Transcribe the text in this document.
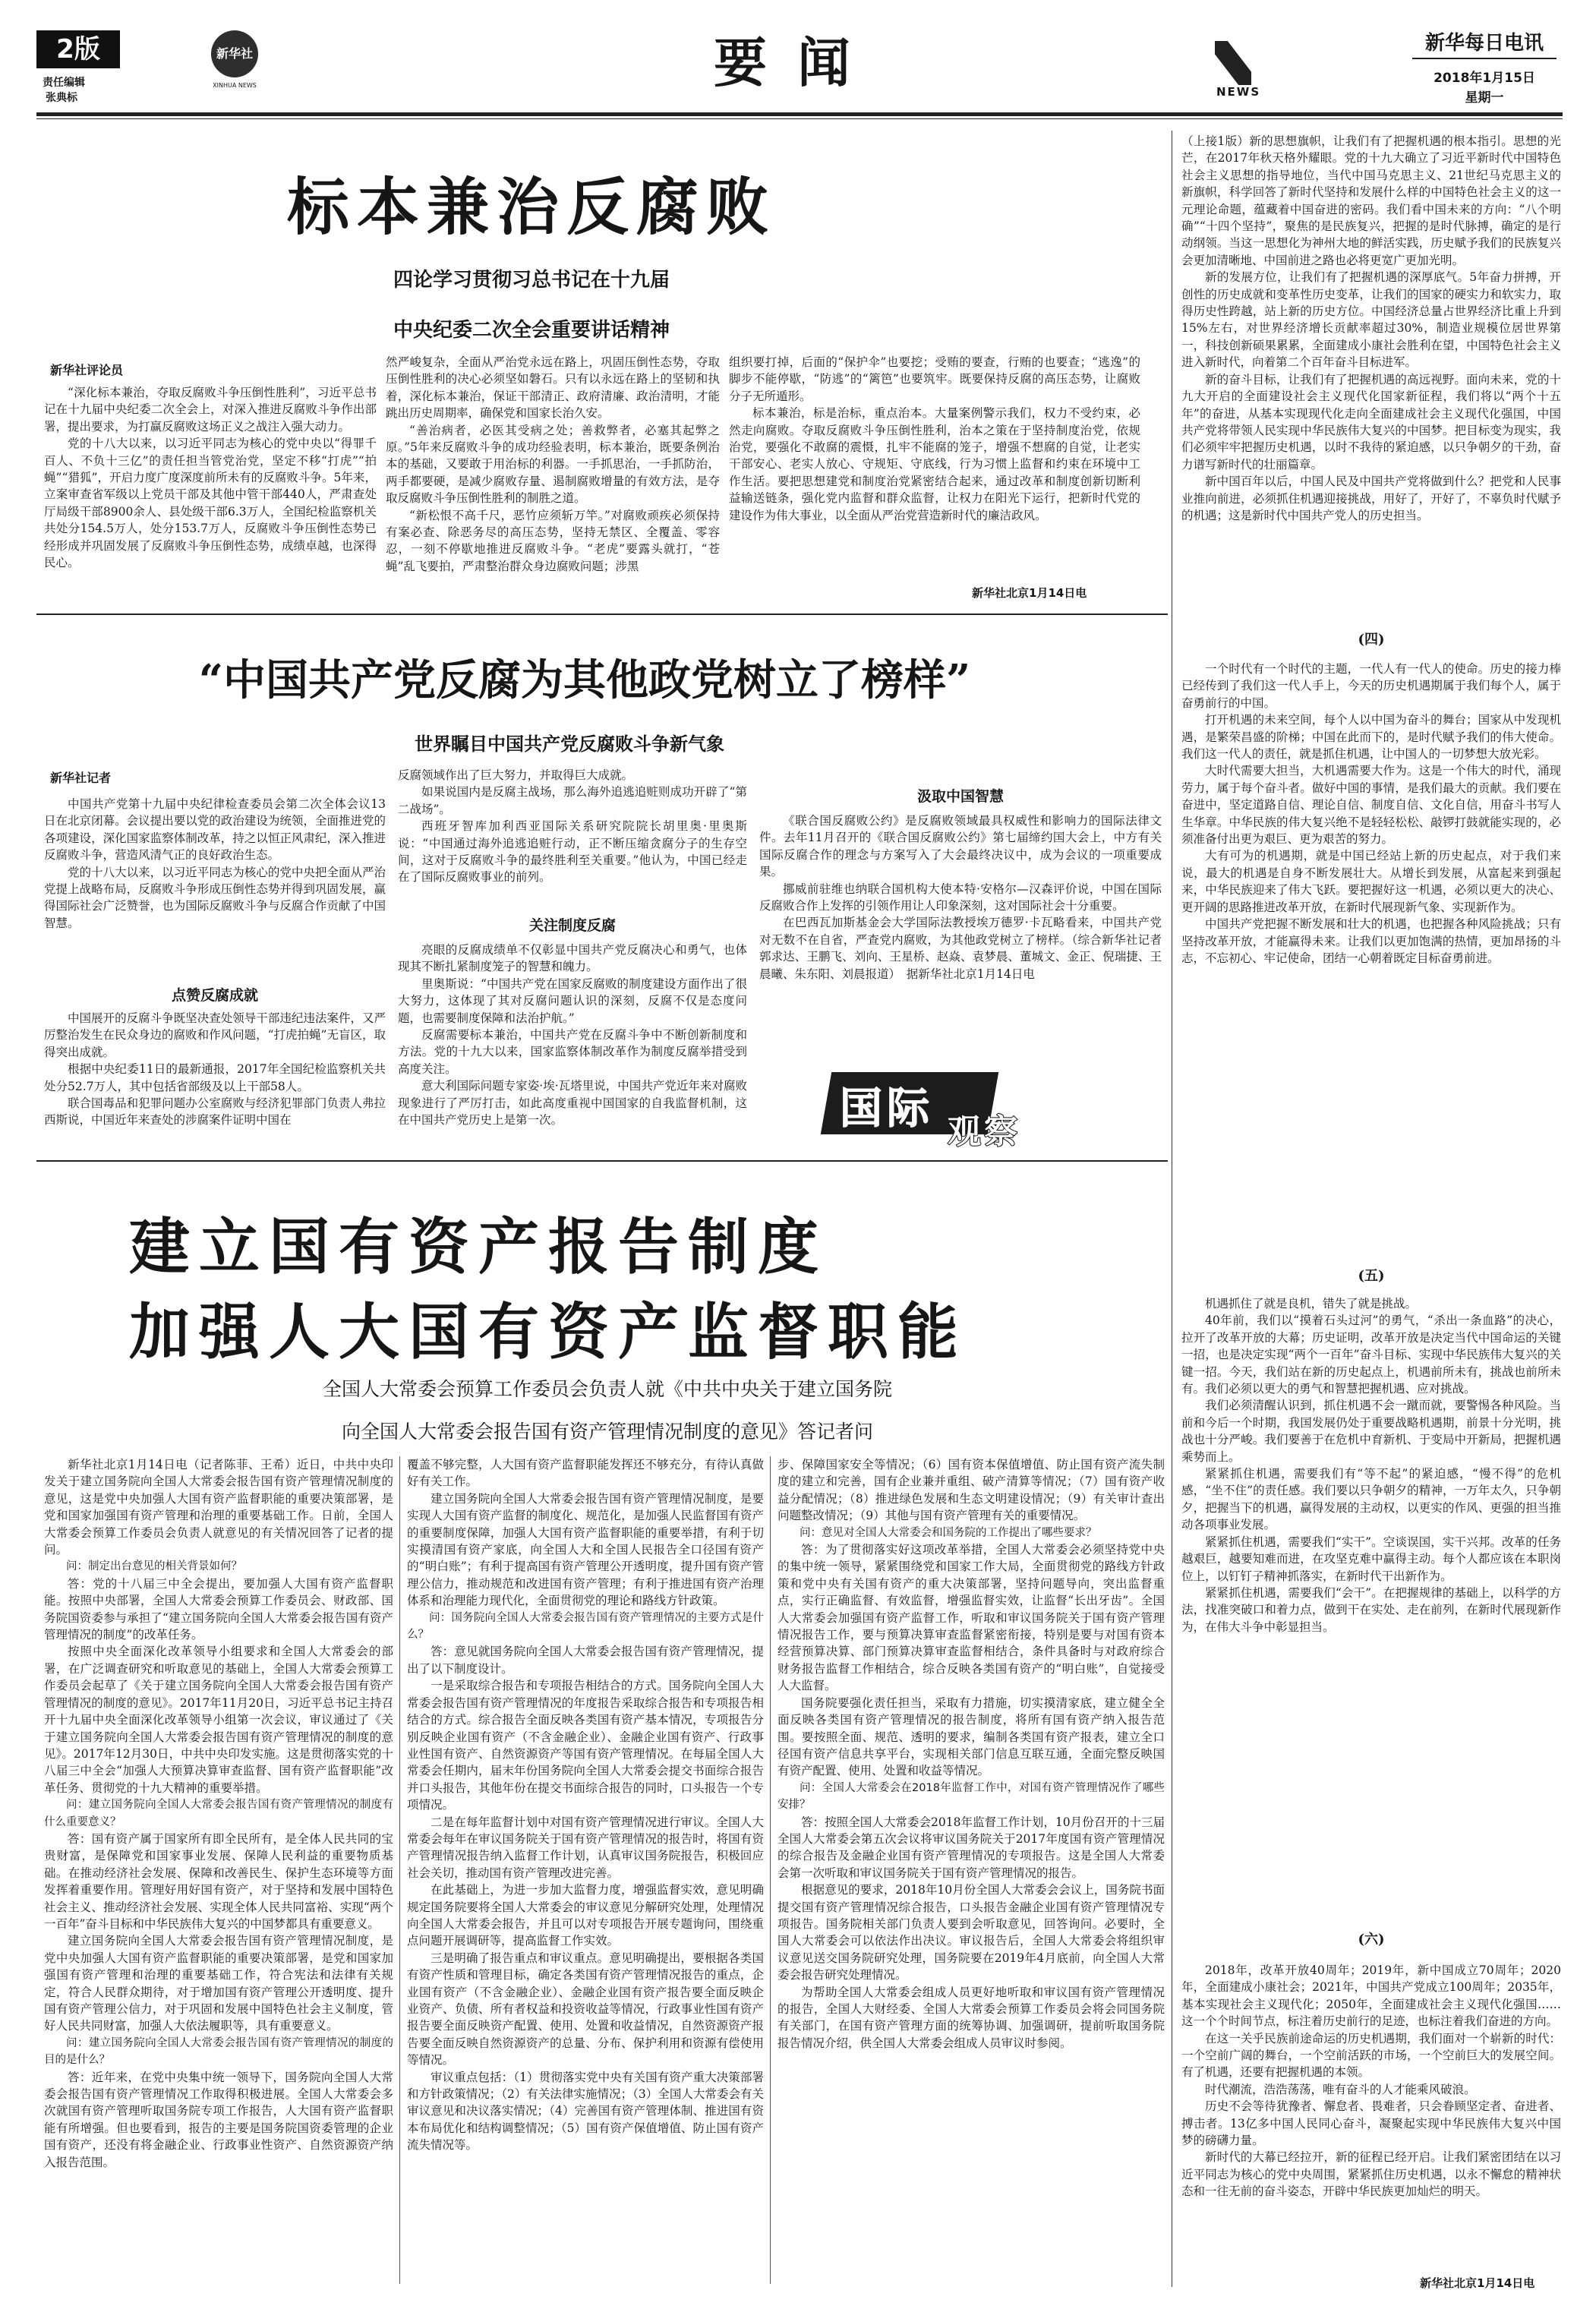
2版
责任编辑
张典标
新华社
XINHUA NEWS	要闻	NEWS
新华每日电讯
2018年1月15日
星期一
标本兼治反腐败
四论学习贯彻习总书记在十九届
中央纪委二次全会重要讲话精神
新华社评论员

“深化标本兼治，夺取反腐败斗争压倒性胜利”，习近平总书记在十九届中央纪委二次全会上，对深入推进反腐败斗争作出部署，提出要求，为打赢反腐败这场正义之战注入强大动力。

党的十八大以来，以习近平同志为核心的党中央以“得罪千百人、不负十三亿”的责任担当管党治党，坚定不移“打虎”“拍蝇”“猎狐”，开启力度广度深度前所未有的反腐败斗争。5年来，立案审查省军级以上党员干部及其他中管干部440人，严肃查处厅局级干部8900余人、县处级干部6.3万人，全国纪检监察机关共处分154.5万人，处分153.7万人，反腐败斗争压倒性态势已经形成并巩固发展了反腐败斗争压倒性态势，成绩卓越，也深得民心。

然严峻复杂，全面从严治党永远在路上，巩固压倒性态势，夺取压倒性胜利的决心必须坚如磐石。只有以永远在路上的坚韧和执着，深化标本兼治，保证干部清正、政府清廉、政治清明，才能跳出历史周期率，确保党和国家长治久安。

“善治病者，必医其受病之处；善救弊者，必塞其起弊之原。”5年来反腐败斗争的成功经验表明，标本兼治，既要条例治本的基础，又要敢于用治标的利器。一手抓思治，一手抓防治，两手都要硬，是减少腐败存量、遏制腐败增量的有效方法，是夺取反腐败斗争压倒性胜利的制胜之道。

“新松恨不高千尺，恶竹应须斩万竿。”对腐败顽疾必须保持有案必查、除恶务尽的高压态势，坚持无禁区、全覆盖、零容忍，一刻不停歇地推进反腐败斗争。“老虎”要露头就打，“苍蝇”乱飞要拍，严肃整治群众身边腐败问题；涉黑

组织要打掉，后面的“保护伞”也要挖；受贿的要查，行贿的也要查；“逃逸”的脚步不能停歇，“防逃”的“篱笆”也要筑牢。既要保持反腐的高压态势，让腐败分子无所遁形。

标本兼治，标是治标，重点治本。大量案例警示我们，权力不受约束，必然走向腐败。夺取反腐败斗争压倒性胜利，治本之策在于坚持制度治党，依规治党，要强化不敢腐的震慑，扎牢不能腐的笼子，增强不想腐的自觉，让老实干部安心、老实人放心、守规矩、守底线，行为习惯上监督和约束在环境中工作生活。要把思想建党和制度治党紧密结合起来，通过改革和制度创新切断利益输送链条，强化党内监督和群众监督，让权力在阳光下运行，把新时代党的建设作为伟大事业，以全面从严治党营造新时代的廉洁政风。

新华社北京1月14日电

（上接1版）新的思想旗帜，让我们有了把握机遇的根本指引。思想的光芒，在2017年秋天格外耀眼。党的十九大确立了习近平新时代中国特色社会主义思想的指导地位，当代中国马克思主义、21世纪马克思主义的新旗帜，科学回答了新时代坚持和发展什么样的中国特色社会主义的这一元理论命题，蕴藏着中国奋进的密码。我们看中国未来的方向：“八个明确”“十四个坚持”，聚焦的是民族复兴，把握的是时代脉搏，确定的是行动纲领。当这一思想化为神州大地的鲜活实践，历史赋予我们的民族复兴会更加清晰地、中国前进之路也必将更宽广更加光明。

新的发展方位，让我们有了把握机遇的深厚底气。5年奋力拼搏，开创性的历史成就和变革性历史变革，让我们的国家的硬实力和软实力，取得历史性跨越，站上新的历史方位。中国经济总量占世界经济比重上升到15%左右，对世界经济增长贡献率超过30%，制造业规模位居世界第一，科技创新硕果累累，全面建成小康社会胜利在望，中国特色社会主义进入新时代，向着第二个百年奋斗目标进军。

新的奋斗目标，让我们有了把握机遇的高远视野。面向未来，党的十九大开启的全面建设社会主义现代化国家新征程，我们将以“两个十五年”的奋进，从基本实现现代化走向全面建成社会主义现代化强国，中国共产党将带领人民实现中华民族伟大复兴的中国梦。把目标变为现实，我们必须牢牢把握历史机遇，以时不我待的紧迫感，以只争朝夕的干劲，奋力谱写新时代的壮丽篇章。

新中国百年以后，中国人民及中国共产党将做到什么？把党和人民事业推向前进，必须抓住机遇迎接挑战，用好了，开好了，不辜负时代赋予的机遇；这是新时代中国共产党人的历史担当。

(四)

一个时代有一个时代的主题，一代人有一代人的使命。历史的接力棒已经传到了我们这一代人手上，今天的历史机遇期属于我们每个人，属于奋勇前行的中国。

打开机遇的未来空间，每个人以中国为奋斗的舞台；国家从中发现机遇，是繁荣昌盛的阶梯；中国在此而下的，是时代赋予我们的伟大使命。我们这一代人的责任，就是抓住机遇，让中国人的一切梦想大放光彩。

大时代需要大担当，大机遇需要大作为。这是一个伟大的时代，涌现劳力，属于每个奋斗者。做好中国的事情，是我们最大的贡献。我们要在奋进中，坚定道路自信、理论自信、制度自信、文化自信，用奋斗书写人生华章。中华民族的伟大复兴绝不是轻轻松松、敲锣打鼓就能实现的，必须准备付出更为艰巨、更为艰苦的努力。

大有可为的机遇期，就是中国已经站上新的历史起点，对于我们来说，最大的机遇是自身不断发展壮大。从增长到发展，从富起来到强起来，中华民族迎来了伟大飞跃。要把握好这一机遇，必须以更大的决心、更开阔的思路推进改革开放，在新时代展现新气象、实现新作为。

中国共产党把握不断发展和壮大的机遇，也把握各种风险挑战；只有坚持改革开放，才能赢得未来。让我们以更加饱满的热情，更加昂扬的斗志，不忘初心、牢记使命，团结一心朝着既定目标奋勇前进。

(五)

机遇抓住了就是良机，错失了就是挑战。

40年前，我们以“摸着石头过河”的勇气，“杀出一条血路”的决心，拉开了改革开放的大幕；历史证明，改革开放是决定当代中国命运的关键一招，也是决定实现“两个一百年”奋斗目标、实现中华民族伟大复兴的关键一招。今天，我们站在新的历史起点上，机遇前所未有，挑战也前所未有。我们必须以更大的勇气和智慧把握机遇、应对挑战。

我们必须清醒认识到，抓住机遇不会一蹴而就，要警惕各种风险。当前和今后一个时期，我国发展仍处于重要战略机遇期，前景十分光明，挑战也十分严峻。我们要善于在危机中育新机、于变局中开新局，把握机遇乘势而上。

紧紧抓住机遇，需要我们有“等不起”的紧迫感，“慢不得”的危机感，“坐不住”的责任感。我们要以只争朝夕的精神，一万年太久，只争朝夕，把握当下的机遇，赢得发展的主动权，以更实的作风、更强的担当推动各项事业发展。

紧紧抓住机遇，需要我们“实干”。空谈误国，实干兴邦。改革的任务越艰巨，越要知难而进，在攻坚克难中赢得主动。每个人都应该在本职岗位上，以钉钉子精神抓落实，在新时代干出新作为。

紧紧抓住机遇，需要我们“会干”。在把握规律的基础上，以科学的方法，找准突破口和着力点，做到干在实处、走在前列，在新时代展现新作为，在伟大斗争中彰显担当。

(六)

2018年，改革开放40周年；2019年，新中国成立70周年；2020年，全面建成小康社会；2021年，中国共产党成立100周年；2035年，基本实现社会主义现代化；2050年，全面建成社会主义现代化强国……这一个个时间节点，标注着历史前行的足迹，也标注着我们奋进的方向。

在这一关乎民族前途命运的历史机遇期，我们面对一个崭新的时代：一个空前广阔的舞台，一个空前活跃的市场，一个空前巨大的发展空间。有了机遇，还要有把握机遇的本领。

时代潮流，浩浩荡荡，唯有奋斗的人才能乘风破浪。

历史不会等待犹豫者、懈怠者、畏难者，只会眷顾坚定者、奋进者、搏击者。13亿多中国人民同心奋斗，凝聚起实现中华民族伟大复兴中国梦的磅礴力量。

新时代的大幕已经拉开，新的征程已经开启。让我们紧密团结在以习近平同志为核心的党中央周围，紧紧抓住历史机遇，以永不懈怠的精神状态和一往无前的奋斗姿态，开辟中华民族更加灿烂的明天。

新华社北京1月14日电
“中国共产党反腐为其他政党树立了榜样”
世界瞩目中国共产党反腐败斗争新气象
新华社记者

中国共产党第十九届中央纪律检查委员会第二次全体会议13日在北京闭幕。会议提出要以党的政治建设为统领，全面推进党的各项建设，深化国家监察体制改革，持之以恒正风肃纪，深入推进反腐败斗争，营造风清气正的良好政治生态。

党的十八大以来，以习近平同志为核心的党中央把全面从严治党提上战略布局，反腐败斗争形成压倒性态势并得到巩固发展，赢得国际社会广泛赞誉，也为国际反腐败斗争与反腐合作贡献了中国智慧。

点赞反腐成就

中国展开的反腐斗争既坚决查处领导干部违纪违法案件，又严厉整治发生在民众身边的腐败和作风问题，“打虎拍蝇”无盲区，取得突出成就。

根据中央纪委11日的最新通报，2017年全国纪检监察机关共处分52.7万人，其中包括省部级及以上干部58人。

联合国毒品和犯罪问题办公室腐败与经济犯罪部门负责人弗拉西斯说，中国近年来查处的涉腐案件证明中国在

反腐领域作出了巨大努力，并取得巨大成就。

如果说国内是反腐主战场，那么海外追逃追赃则成功开辟了“第二战场”。

西班牙智库加利西亚国际关系研究院院长胡里奥·里奥斯说：“中国通过海外追逃追赃行动，正不断压缩贪腐分子的生存空间，这对于反腐败斗争的最终胜利至关重要。”他认为，中国已经走在了国际反腐败事业的前列。

关注制度反腐

亮眼的反腐成绩单不仅彰显中国共产党反腐决心和勇气，也体现其不断扎紧制度笼子的智慧和魄力。

里奥斯说：“中国共产党在国家反腐败的制度建设方面作出了很大努力，这体现了其对反腐问题认识的深刻，反腐不仅是态度问题，也需要制度保障和法治护航。”

反腐需要标本兼治，中国共产党在反腐斗争中不断创新制度和方法。党的十九大以来，国家监察体制改革作为制度反腐举措受到高度关注。

意大利国际问题专家姿·埃·瓦塔里说，中国共产党近年来对腐败现象进行了严厉打击，如此高度重视中国国家的自我监督机制，这在中国共产党历史上是第一次。

汲取中国智慧

《联合国反腐败公约》是反腐败领域最具权威性和影响力的国际法律文件。去年11月召开的《联合国反腐败公约》第七届缔约国大会上，中方有关国际反腐合作的理念与方案写入了大会最终决议中，成为会议的一项重要成果。

挪威前驻维也纳联合国机构大使本特·安格尔—汉森评价说，中国在国际反腐败合作上发挥的引领作用让人印象深刻，这对国际社会十分重要。

在巴西瓦加斯基金会大学国际法教授埃万德罗·卡瓦略看来，中国共产党对无数不在自省，严查党内腐败，为其他政党树立了榜样。（综合新华社记者郭求达、王鹏飞、刘向、王星桥、赵焱、袁梦晨、董城文、金正、倪瑞捷、王晨曦、朱东阳、刘晨报道）　据新华社北京1月14日电

国际 观察
建立国有资产报告制度
加强人大国有资产监督职能
全国人大常委会预算工作委员会负责人就《中共中央关于建立国务院
向全国人大常委会报告国有资产管理情况制度的意见》答记者问

新华社北京1月14日电（记者陈菲、王希）近日，中共中央印发关于建立国务院向全国人大常委会报告国有资产管理情况制度的意见，这是党中央加强人大国有资产监督职能的重要决策部署，是党和国家加强国有资产管理和治理的重要基础工作。日前，全国人大常委会预算工作委员会负责人就意见的有关情况回答了记者的提问。

问：制定出台意见的相关背景如何？

答：党的十八届三中全会提出，要加强人大国有资产监督职能。按照中央部署，全国人大常委会预算工作委员会、财政部、国务院国资委参与承担了“建立国务院向全国人大常委会报告国有资产管理情况的制度”的改革任务。

按照中央全面深化改革领导小组要求和全国人大常委会的部署，在广泛调查研究和听取意见的基础上，全国人大常委会预算工作委员会起草了《关于建立国务院向全国人大常委会报告国有资产管理情况的制度的意见》。2017年11月20日，习近平总书记主持召开十九届中央全面深化改革领导小组第一次会议，审议通过了《关于建立国务院向全国人大常委会报告国有资产管理情况的制度的意见》。2017年12月30日，中共中央印发实施。这是贯彻落实党的十八届三中全会“加强人大预算决算审查监督、国有资产监督职能”改革任务、贯彻党的十九大精神的重要举措。

问：建立国务院向全国人大常委会报告国有资产管理情况的制度有什么重要意义？

答：国有资产属于国家所有即全民所有，是全体人民共同的宝贵财富，是保障党和国家事业发展、保障人民利益的重要物质基础。在推动经济社会发展、保障和改善民生、保护生态环境等方面发挥着重要作用。管理好用好国有资产，对于坚持和发展中国特色社会主义、推动经济社会发展、实现全体人民共同富裕、实现“两个一百年”奋斗目标和中华民族伟大复兴的中国梦都具有重要意义。

建立国务院向全国人大常委会报告国有资产管理情况制度，是党中央加强人大国有资产监督职能的重要决策部署，是党和国家加强国有资产管理和治理的重要基础工作，符合宪法和法律有关规定，符合人民群众期待，对于增加国有资产管理公开透明度、提升国有资产管理公信力，对于巩固和发展中国特色社会主义制度，管好人民共同财富，加强人大依法履职等，具有重要意义。

问：建立国务院向全国人大常委会报告国有资产管理情况的制度的目的是什么？

答：近年来，在党中央集中统一领导下，国务院向全国人大常委会报告国有资产管理情况工作取得积极进展。全国人大常委会多次就国有资产管理听取国务院专项工作报告，人大国有资产监督职能有所增强。但也要看到，报告的主要是国务院国资委管理的企业国有资产，还没有将金融企业、行政事业性资产、自然资源资产纳入报告范围。

覆盖不够完整，人大国有资产监督职能发挥还不够充分，有待认真做好有关工作。

建立国务院向全国人大常委会报告国有资产管理情况制度，是要实现人大国有资产监督的制度化、规范化，是加强人民监督国有资产的重要制度保障，加强人大国有资产监督职能的重要举措，有利于切实摸清国有资产家底，向全国人大和全国人民报告全口径国有资产的“明白账”；有利于提高国有资产管理公开透明度，提升国有资产管理公信力，推动规范和改进国有资产管理；有利于推进国有资产治理体系和治理能力现代化，全面贯彻党的理论和路线方针政策。

问：国务院向全国人大常委会报告国有资产管理情况的主要方式是什么？

答：意见就国务院向全国人大常委会报告国有资产管理情况，提出了以下制度设计。

一是采取综合报告和专项报告相结合的方式。国务院向全国人大常委会报告国有资产管理情况的年度报告采取综合报告和专项报告相结合的方式。综合报告全面反映各类国有资产基本情况，专项报告分别反映企业国有资产（不含金融企业）、金融企业国有资产、行政事业性国有资产、自然资源资产等国有资产管理情况。在每届全国人大常委会任期内，届末年份国务院向全国人大常委会提交书面综合报告并口头报告，其他年份在提交书面综合报告的同时，口头报告一个专项情况。

二是在每年监督计划中对国有资产管理情况进行审议。全国人大常委会每年在审议国务院关于国有资产管理情况的报告时，将国有资产管理情况报告纳入监督工作计划，认真审议国务院报告，积极回应社会关切，推动国有资产管理改进完善。

在此基础上，为进一步加大监督力度，增强监督实效，意见明确规定国务院要将全国人大常委会的审议意见分解研究处理，处理情况向全国人大常委会报告，并且可以对专项报告开展专题询问，围绕重点问题开展调研等，提高监督工作实效。

三是明确了报告重点和审议重点。意见明确提出，要根据各类国有资产性质和管理目标，确定各类国有资产管理情况报告的重点，企业国有资产（不含金融企业）、金融企业国有资产报告要全面反映企业资产、负债、所有者权益和投资收益等情况，行政事业性国有资产报告要全面反映资产配置、使用、处置和收益情况，自然资源资产报告要全面反映自然资源资产的总量、分布、保护利用和资源有偿使用等情况。

审议重点包括：（1）贯彻落实党中央有关国有资产重大决策部署和方针政策情况；（2）有关法律实施情况；（3）全国人大常委会有关审议意见和决议落实情况；（4）完善国有资产管理体制、推进国有资本布局优化和结构调整情况；（5）国有资产保值增值、防止国有资产流失情况等。

步、保障国家安全等情况；（6）国有资本保值增值、防止国有资产流失制度的建立和完善，国有企业兼并重组、破产清算等情况；（7）国有资产收益分配情况；（8）推进绿色发展和生态文明建设情况；（9）有关审计查出问题整改情况；（9）其他与国有资产管理有关的重要情况。

问：意见对全国人大常委会和国务院的工作提出了哪些要求？

答：为了贯彻落实好这项改革举措，全国人大常委会必须坚持党中央的集中统一领导，紧紧围绕党和国家工作大局，全面贯彻党的路线方针政策和党中央有关国有资产的重大决策部署，坚持问题导向，突出监督重点，实行正确监督、有效监督，增强监督实效，让监督“长出牙齿”。全国人大常委会加强国有资产监督工作，听取和审议国务院关于国有资产管理情况报告工作，要与预算决算审查监督紧密衔接，特别是要与对国有资本经营预算决算、部门预算决算审查监督相结合，条件具备时与对政府综合财务报告监督工作相结合，综合反映各类国有资产的“明白账”，自觉接受人大监督。

国务院要强化责任担当，采取有力措施，切实摸清家底，建立健全全面反映各类国有资产管理情况的报告制度，将所有国有资产纳入报告范围。要按照全面、规范、透明的要求，编制各类国有资产报表，建立全口径国有资产信息共享平台，实现相关部门信息互联互通，全面完整反映国有资产配置、使用、处置和收益等情况。

问：全国人大常委会在2018年监督工作中，对国有资产管理情况作了哪些安排？

答：按照全国人大常委会2018年监督工作计划，10月份召开的十三届全国人大常委会第五次会议将审议国务院关于2017年度国有资产管理情况的综合报告及金融企业国有资产管理情况的专项报告。这是全国人大常委会第一次听取和审议国务院关于国有资产管理情况的报告。

根据意见的要求，2018年10月份全国人大常委会会议上，国务院书面提交国有资产管理情况综合报告，口头报告金融企业国有资产管理情况专项报告。国务院相关部门负责人要到会听取意见，回答询问。必要时，全国人大常委会可以依法作出决议。审议报告后，全国人大常委会将组织审议意见送交国务院研究处理，国务院要在2019年4月底前，向全国人大常委会报告研究处理情况。

为帮助全国人大常委会组成人员更好地听取和审议国有资产管理情况的报告，全国人大财经委、全国人大常委会预算工作委员会将会同国务院有关部门，在国有资产管理方面的统筹协调、加强调研，提前听取国务院报告情况介绍，供全国人大常委会组成人员审议时参阅。
